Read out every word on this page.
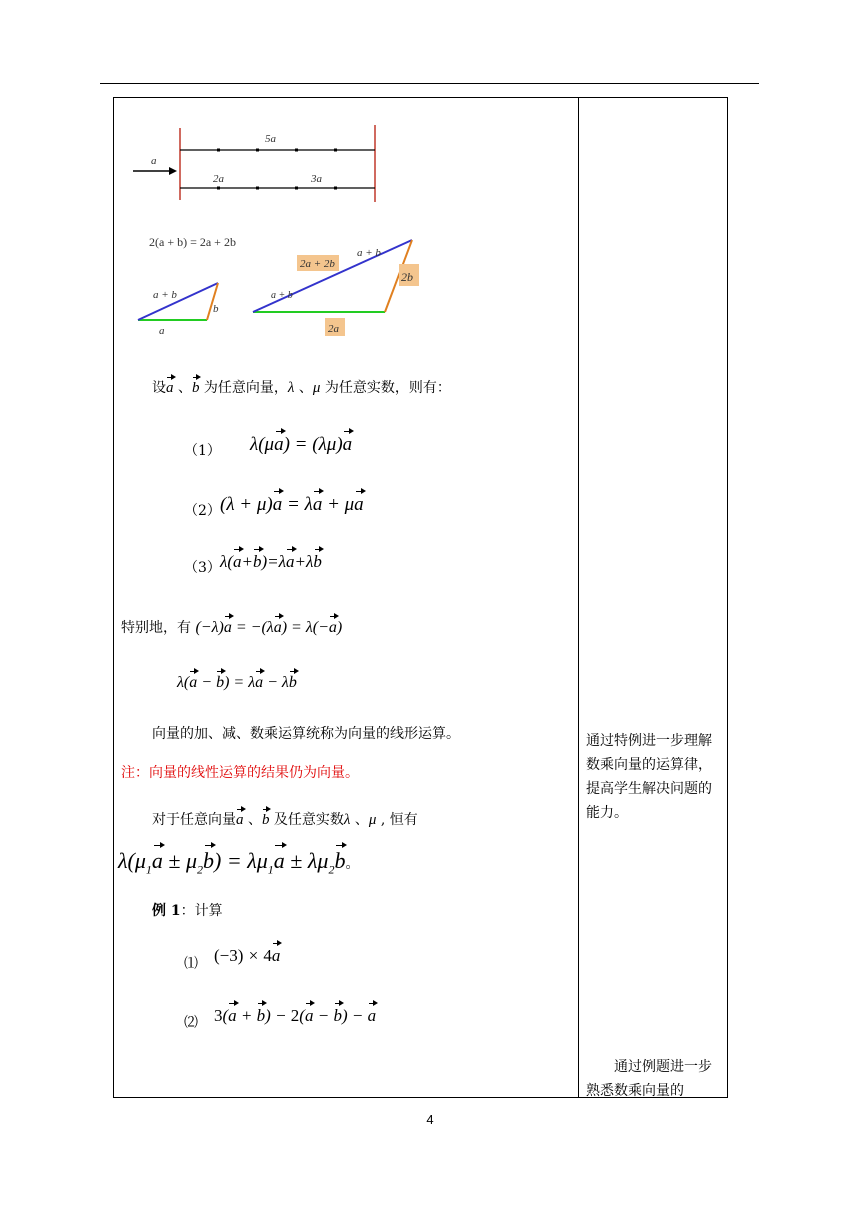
a
5a
2a	3a
2(a + b) = 2a + 2b
a + b
b
a
2a + 2b
a + b
a + b
2b
2a
设a 、b 为任意向量，λ 、μ 为任意实数，则有：
（1） λ(μa) = (λμ)a
（2） (λ + μ)a = λa + μa
（3） λ(a+b)=λa+λb
特别地，有 (−λ)a = −(λa) = λ(−a)
λ(a − b) = λa − λb
向量的加、减、数乘运算统称为向量的线形运算。
注：向量的线性运算的结果仍为向量。
对于任意向量a 、b 及任意实数λ 、μ , 恒有
$\lambda(\mu_1a \pm \mu_2b) = \lambda\mu_1a \pm \lambda\mu_2b$。
例 1：计算
⑴ (−3) × 4a
⑵ 3(a + b) − 2(a − b) − a
通过特例进一步理解数乘向量的运算律，提高学生解决问题的能力。
通过例题进一步熟悉数乘向量的
4
